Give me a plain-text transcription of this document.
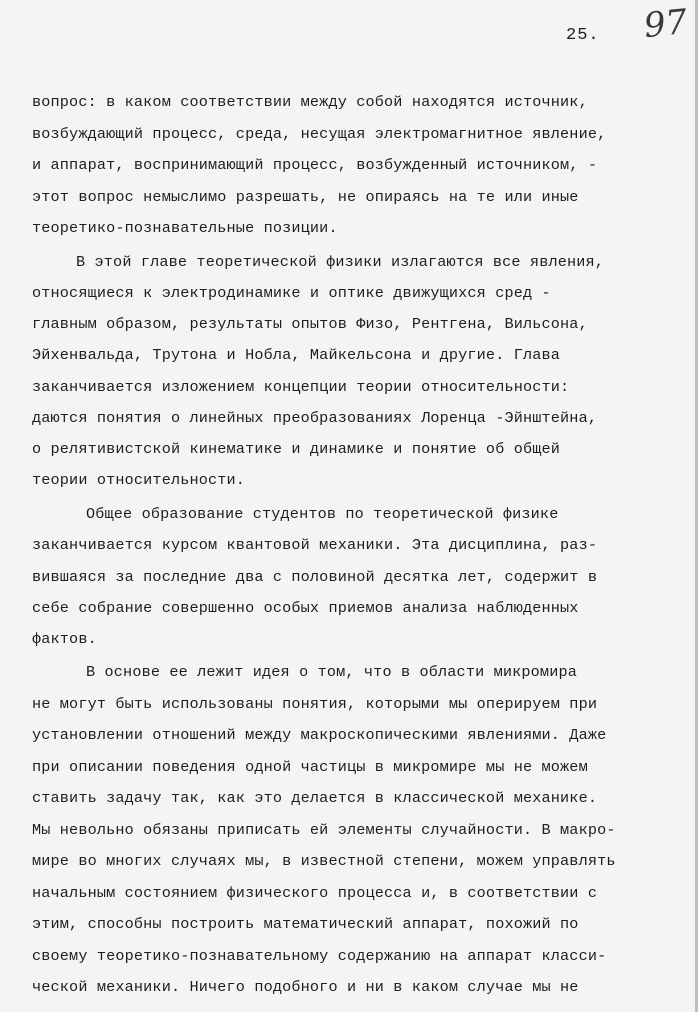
25. 97
вопрос: в каком соответствии между собой находятся источник,
возбуждающий процесс, среда, несущая электромагнитное явление,
и аппарат, воспринимающий процесс, возбужденный источником, -
этот вопрос немыслимо разрешать, не опираясь на те или иные
теоретико-познавательные позиции.
В этой главе теоретической физики излагаются все явления,
относящиеся к электродинамике и оптике движущихся сред -
главным образом, результаты опытов Физо, Рентгена, Вильсона,
Эйхенвальда, Трутона и Нобла, Майкельсона и другие. Глава
заканчивается изложением концепции теории относительности:
даются понятия о линейных преобразованиях Лоренца -Эйнштейна,
о релятивистской кинематике и динамике и понятие об общей
теории относительности.
Общее образование студентов по теоретической физике
заканчивается курсом квантовой механики. Эта дисциплина, раз-
вившаяся за последние два с половиной десятка лет, содержит в
себе собрание совершенно особых приемов анализа наблюденных
фактов.
В основе ее лежит идея о том, что в области микромира
не могут быть использованы понятия, которыми мы оперируем при
установлении отношений между макроскопическими явлениями. Даже
при описании поведения одной частицы в микромире мы не можем
ставить задачу так, как это делается в классической механике.
Мы невольно обязаны приписать ей элементы случайности. В макро-
мире во многих случаях мы, в известной степени, можем управлять
начальным состоянием физического процесса и, в соответствии с
этим, способны построить математический аппарат, похожий по
своему теоретико-познавательному содержанию на аппарат класси-
ческой механики. Ничего подобного и ни в каком случае мы не
